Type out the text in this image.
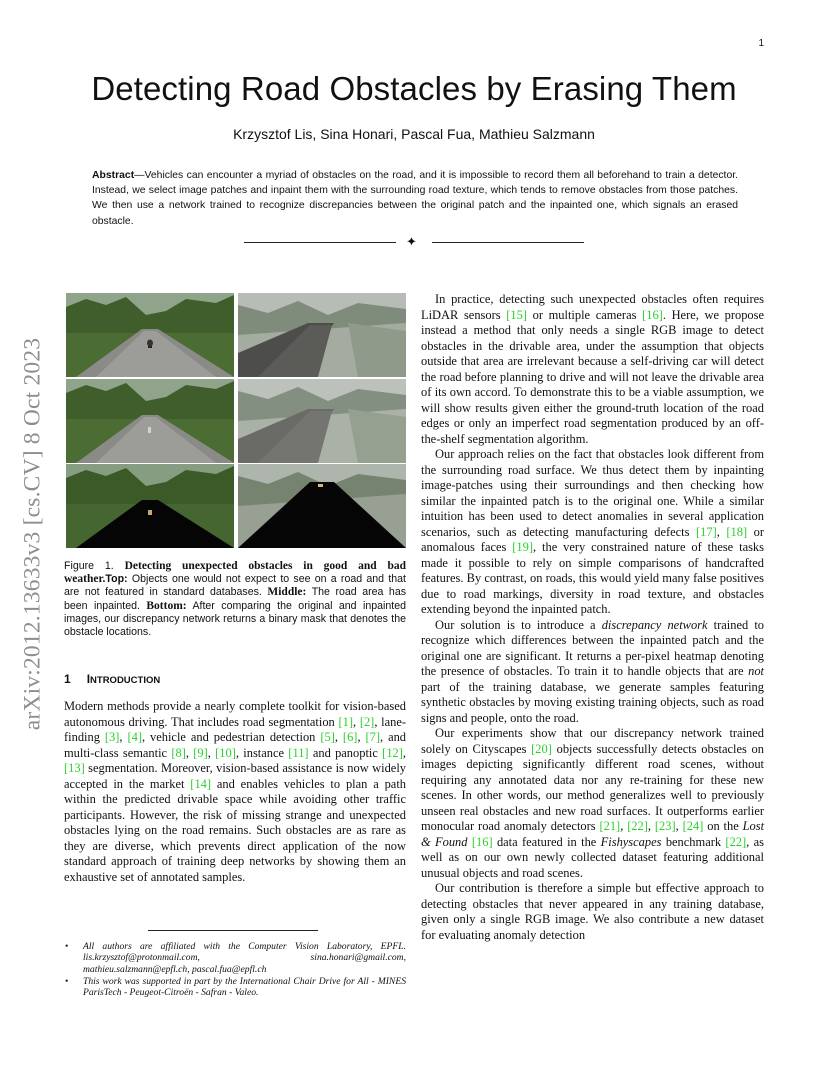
1
Detecting Road Obstacles by Erasing Them
Krzysztof Lis, Sina Honari, Pascal Fua, Mathieu Salzmann
Abstract—Vehicles can encounter a myriad of obstacles on the road, and it is impossible to record them all beforehand to train a detector. Instead, we select image patches and inpaint them with the surrounding road texture, which tends to remove obstacles from those patches. We then use a network trained to recognize discrepancies between the original patch and the inpainted one, which signals an erased obstacle.
✦
arXiv:2012.13633v3 [cs.CV] 8 Oct 2023 Figure 1. Detecting unexpected obstacles in good and bad weather.Top: Objects one would not expect to see on a road and that are not featured in standard databases. Middle: The road area has been inpainted. Bottom: After comparing the original and inpainted images, our discrepancy network returns a binary mask that denotes the obstacle locations.
1 INTRODUCTION

Modern methods provide a nearly complete toolkit for vision-based autonomous driving. That includes road segmentation [1], [2], lane-finding [3], [4], vehicle and pedestrian detection [5], [6], [7], and multi-class semantic [8], [9], [10], instance [11] and panoptic [12], [13] segmentation. Moreover, vision-based assistance is now widely accepted in the market [14] and enables vehicles to plan a path within the predicted drivable space while avoiding other traffic participants. However, the risk of missing strange and unexpected obstacles lying on the road remains. Such obstacles are as rare as they are diverse, which prevents direct application of the now standard approach of training deep networks by showing them an exhaustive set of annotated samples.

• All authors are affiliated with the Computer Vision Laboratory, EPFL. lis.krzysztof@protonmail.com, sina.honari@gmail.com, mathieu.salzmann@epfl.ch, pascal.fua@epfl.ch
• This work was supported in part by the International Chair Drive for All - MINES ParisTech - Peugeot-Citroën - Safran - Valeo.

In practice, detecting such unexpected obstacles often requires LiDAR sensors [15] or multiple cameras [16]. Here, we propose instead a method that only needs a single RGB image to detect obstacles in the drivable area, under the assumption that objects outside that area are irrelevant because a self-driving car will detect the road before planning to drive and will not leave the drivable area of its own accord. To demonstrate this to be a viable assumption, we will show results given either the ground-truth location of the road edges or only an imperfect road segmentation produced by an off-the-shelf segmentation algorithm.

Our approach relies on the fact that obstacles look different from the surrounding road surface. We thus detect them by inpainting image-patches using their surroundings and then checking how similar the inpainted patch is to the original one. While a similar intuition has been used to detect anomalies in several application scenarios, such as detecting manufacturing defects [17], [18] or anomalous faces [19], the very constrained nature of these tasks made it possible to rely on simple comparisons of handcrafted features. By contrast, on roads, this would yield many false positives due to road markings, diversity in road texture, and obstacles extending beyond the inpainted patch.

Our solution is to introduce a discrepancy network trained to recognize which differences between the inpainted patch and the original one are significant. It returns a per-pixel heatmap denoting the presence of obstacles. To train it to handle objects that are not part of the training database, we generate samples featuring synthetic obstacles by moving existing training objects, such as road signs and people, onto the road.

Our experiments show that our discrepancy network trained solely on Cityscapes [20] objects successfully detects obstacles on images depicting significantly different road scenes, without requiring any annotated data nor any re-training for these new scenes. In other words, our method generalizes well to previously unseen real obstacles and new road surfaces. It outperforms earlier monocular road anomaly detectors [21], [22], [23], [24] on the Lost & Found [16] data featured in the Fishyscapes benchmark [22], as well as on our own newly collected dataset featuring additional unusual objects and road scenes.

Our contribution is therefore a simple but effective approach to detecting obstacles that never appeared in any training database, given only a single RGB image. We also contribute a new dataset for evaluating anomaly detection
